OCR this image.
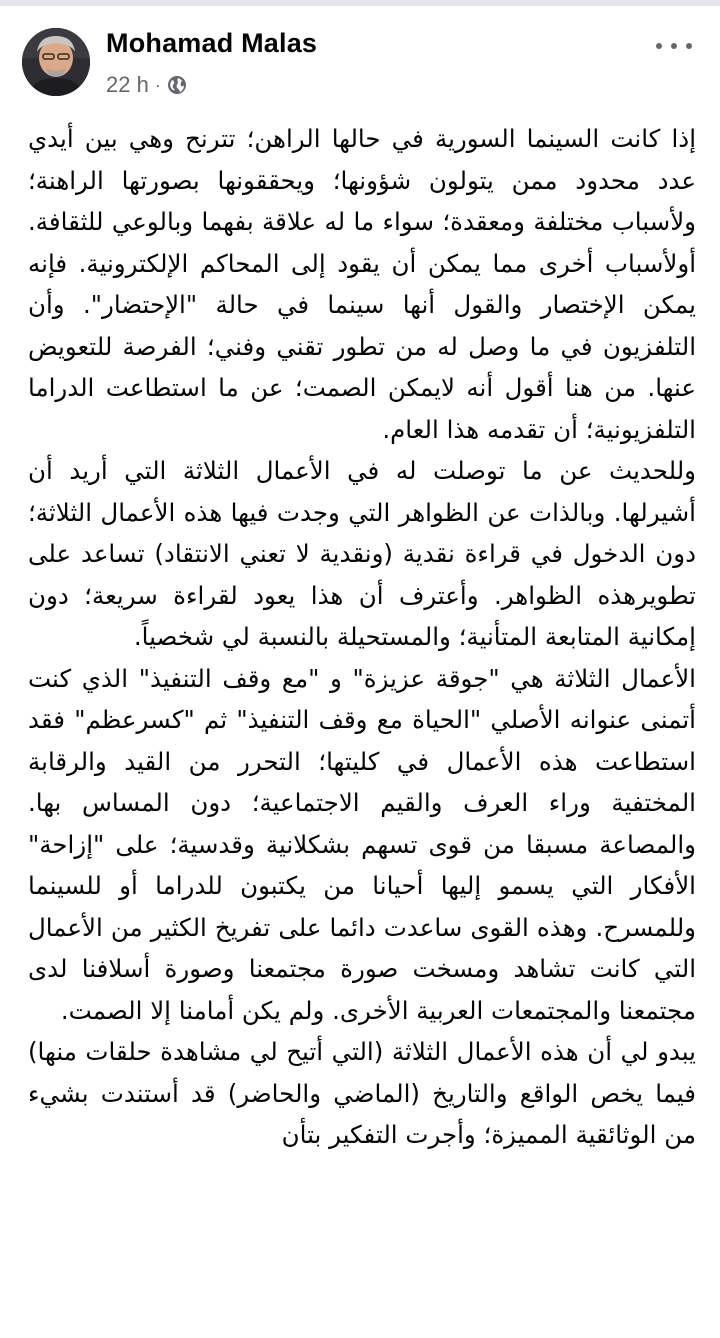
Mohamad Malas
22 h ·

إذا كانت السينما السورية في حالها الراهن؛ تترنح وهي بين أيدي عدد محدود ممن يتولون شؤونها؛ ويحققونها بصورتها الراهنة؛ ولأسباب مختلفة ومعقدة؛ سواء ما له علاقة بفهما وبالوعي للثقافة. أولأسباب أخرى مما يمكن أن يقود إلى المحاكم الإلكترونية. فإنه يمكن الإختصار والقول أنها سينما في حالة "الإحتضار". وأن التلفزيون في ما وصل له من تطور تقني وفني؛ الفرصة للتعويض عنها. من هنا أقول أنه لايمكن الصمت؛ عن ما استطاعت الدراما التلفزيونية؛ أن تقدمه هذا العام.

وللحديث عن ما توصلت له في الأعمال الثلاثة التي أريد أن أشيرلها. وبالذات عن الظواهر التي وجدت فيها هذه الأعمال الثلاثة؛ دون الدخول في قراءة نقدية (ونقدية لا تعني الانتقاد) تساعد على تطويرهذه الظواهر. وأعترف أن هذا يعود لقراءة سريعة؛ دون إمكانية المتابعة المتأنية؛ والمستحيلة بالنسبة لي شخصياً.

الأعمال الثلاثة هي "جوقة عزيزة" و "مع وقف التنفيذ" الذي كنت أتمنى عنوانه الأصلي "الحياة مع وقف التنفيذ" ثم "كسرعظم" فقد استطاعت هذه الأعمال في كليتها؛ التحرر من القيد والرقابة المختفية وراء العرف والقيم الاجتماعية؛ دون المساس بها. والمصاعة مسبقا من قوى تسهم بشكلانية وقدسية؛ على "إزاحة" الأفكار التي يسمو إليها أحيانا من يكتبون للدراما أو للسينما وللمسرح. وهذه القوى ساعدت دائما على تفريخ الكثير من الأعمال التي كانت تشاهد ومسخت صورة مجتمعنا وصورة أسلافنا لدى مجتمعنا والمجتمعات العربية الأخرى. ولم يكن أمامنا إلا الصمت.

يبدو لي أن هذه الأعمال الثلاثة (التي أتيح لي مشاهدة حلقات منها) فيما يخص الواقع والتاريخ (الماضي والحاضر) قد أستندت بشيء من الوثائقية المميزة؛ وأجرت التفكير بتأن
